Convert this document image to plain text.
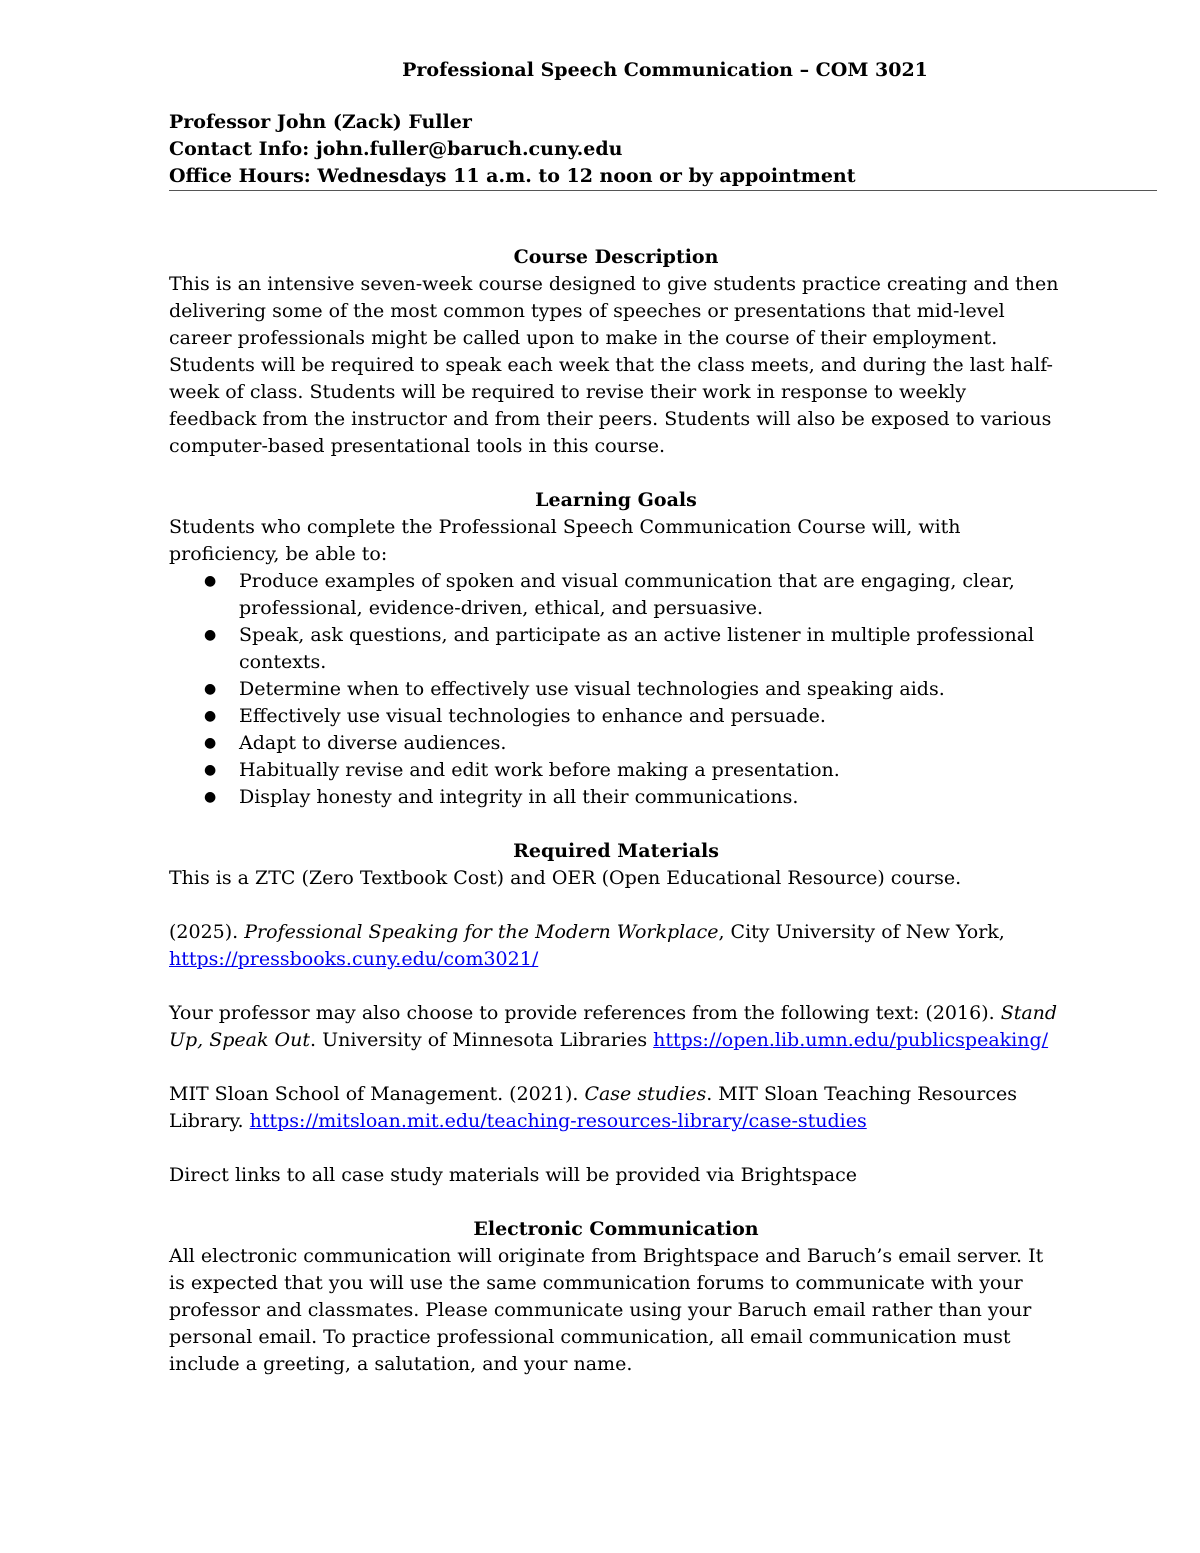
Professional Speech Communication – COM 3021

Professor John (Zack) Fuller

Contact Info: john.fuller@baruch.cuny.edu

Office Hours: Wednesdays 11 a.m. to 12 noon or by appointment

Course Description

This is an intensive seven-week course designed to give students practice creating and then delivering some of the most common types of speeches or presentations that mid-level career professionals might be called upon to make in the course of their employment. Students will be required to speak each week that the class meets, and during the last half-week of class. Students will be required to revise their work in response to weekly feedback from the instructor and from their peers. Students will also be exposed to various computer-based presentational tools in this course.

Learning Goals

Students who complete the Professional Speech Communication Course will, with proficiency, be able to:

● Produce examples of spoken and visual communication that are engaging, clear, professional, evidence-driven, ethical, and persuasive.
● Speak, ask questions, and participate as an active listener in multiple professional contexts.
● Determine when to effectively use visual technologies and speaking aids.
● Effectively use visual technologies to enhance and persuade.
● Adapt to diverse audiences.
● Habitually revise and edit work before making a presentation.
● Display honesty and integrity in all their communications.

Required Materials

This is a ZTC (Zero Textbook Cost) and OER (Open Educational Resource) course.

(2025). Professional Speaking for the Modern Workplace, City University of New York, https://pressbooks.cuny.edu/com3021/

Your professor may also choose to provide references from the following text: (2016). Stand Up, Speak Out. University of Minnesota Libraries https://open.lib.umn.edu/publicspeaking/

MIT Sloan School of Management. (2021). Case studies. MIT Sloan Teaching Resources Library. https://mitsloan.mit.edu/teaching-resources-library/case-studies

Direct links to all case study materials will be provided via Brightspace

Electronic Communication

All electronic communication will originate from Brightspace and Baruch’s email server. It is expected that you will use the same communication forums to communicate with your professor and classmates. Please communicate using your Baruch email rather than your personal email. To practice professional communication, all email communication must include a greeting, a salutation, and your name.
